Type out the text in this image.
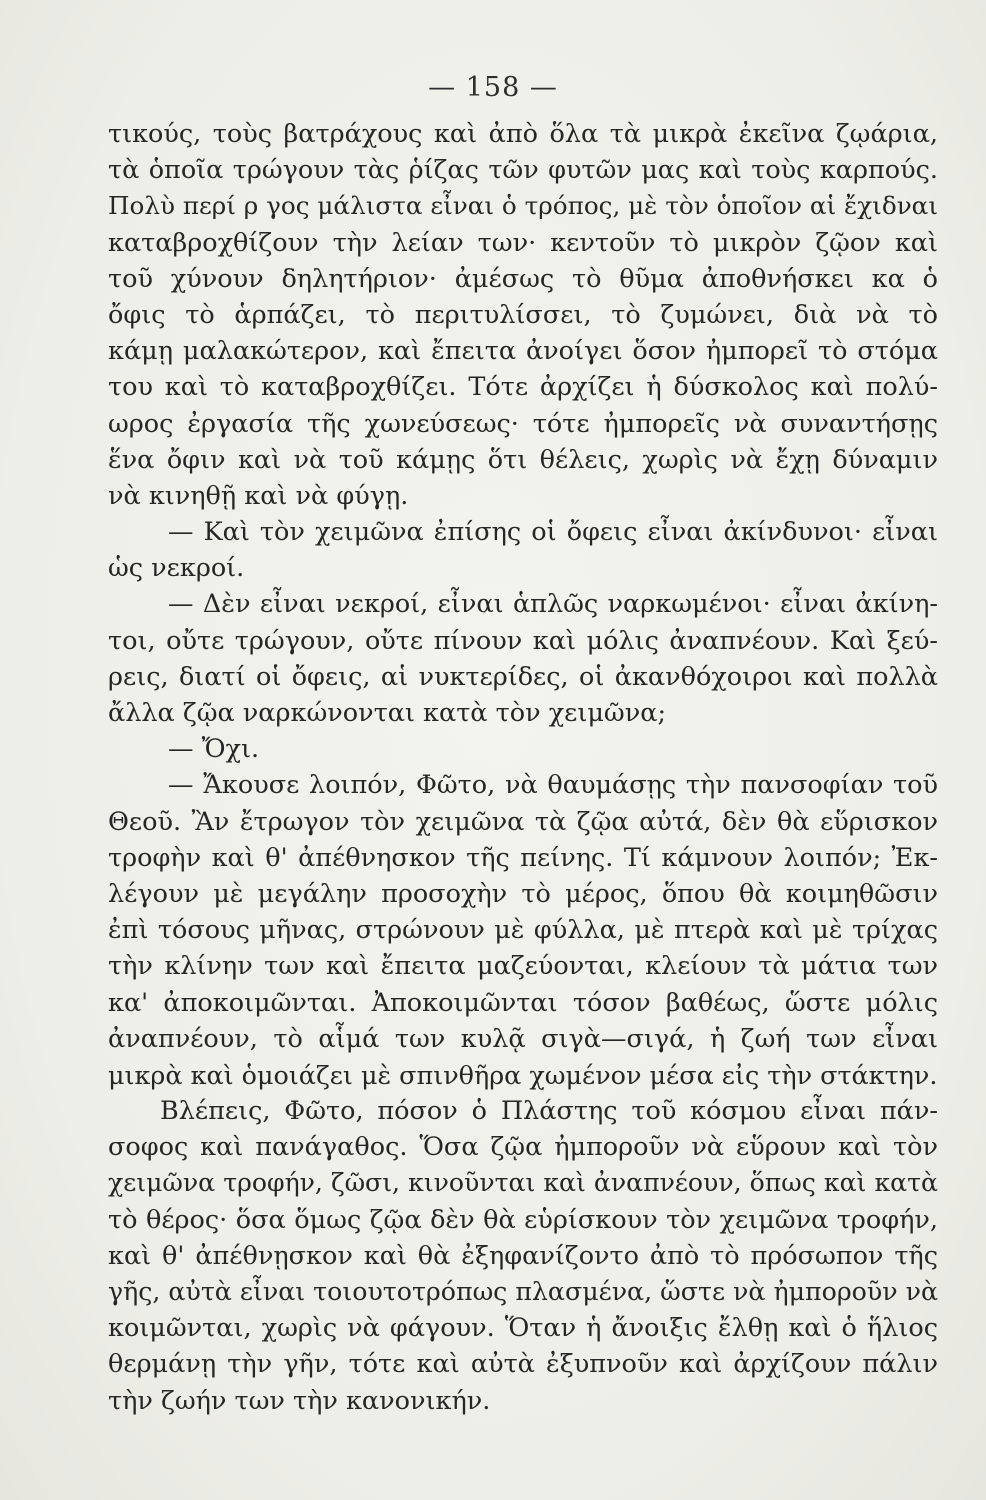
— 158 —
τικούς, τοὺς βατράχους καὶ ἀπὸ ὅλα τὰ μικρὰ ἐκεῖνα ζῳάρια,
τὰ ὁποῖα τρώγουν τὰς ῥίζας τῶν φυτῶν μας καὶ τοὺς καρπούς.
Πολὺ περί ρ γος μάλιστα εἶναι ὁ τρόπος, μὲ τὸν ὁποῖον αἱ ἔχιδναι
καταβροχθίζουν τὴν λείαν των· κεντοῦν τὸ μικρὸν ζῷον καὶ
τοῦ χύνουν δηλητήριον· ἀμέσως τὸ θῦμα ἀποθνήσκει κα ὁ
ὄφις τὸ ἁρπάζει, τὸ περιτυλίσσει, τὸ ζυμώνει, διὰ νὰ τὸ
κάμῃ μαλακώτερον, καὶ ἔπειτα ἀνοίγει ὅσον ἠμπορεῖ τὸ στόμα
του καὶ τὸ καταβροχθίζει. Τότε ἀρχίζει ἡ δύσκολος καὶ πολύ-
ωρος ἐργασία τῆς χωνεύσεως· τότε ἠμπορεῖς νὰ συναντήσῃς
ἕνα ὄφιν καὶ νὰ τοῦ κάμῃς ὅτι θέλεις, χωρὶς νὰ ἔχῃ δύναμιν
νὰ κινηθῇ καὶ νὰ φύγῃ.
— Καὶ τὸν χειμῶνα ἐπίσης οἱ ὄφεις εἶναι ἀκίνδυνοι· εἶναι
ὡς νεκροί.
— Δὲν εἶναι νεκροί, εἶναι ἁπλῶς ναρκωμένοι· εἶναι ἀκίνη-
τοι, οὔτε τρώγουν, οὔτε πίνουν καὶ μόλις ἀναπνέουν. Καὶ ξεύ-
ρεις, διατί οἱ ὄφεις, αἱ νυκτερίδες, οἱ ἀκανθόχοιροι καὶ πολλὰ
ἄλλα ζῷα ναρκώνονται κατὰ τὸν χειμῶνα;
— Ὄχι.
— Ἄκουσε λοιπόν, Φῶτο, νὰ θαυμάσῃς τὴν πανσοφίαν τοῦ
Θεοῦ. Ἂν ἔτρωγον τὸν χειμῶνα τὰ ζῷα αὐτά, δὲν θὰ εὕρισκον
τροφὴν καὶ θ' ἀπέθνησκον τῆς πείνης. Τί κάμνουν λοιπόν; Ἐκ-
λέγουν μὲ μεγάλην προσοχὴν τὸ μέρος, ὅπου θὰ κοιμηθῶσιν
ἐπὶ τόσους μῆνας, στρώνουν μὲ φύλλα, μὲ πτερὰ καὶ μὲ τρίχας
τὴν κλίνην των καὶ ἔπειτα μαζεύονται, κλείουν τὰ μάτια των
κα' ἀποκοιμῶνται. Ἀποκοιμῶνται τόσον βαθέως, ὥστε μόλις
ἀναπνέουν, τὸ αἷμά των κυλᾷ σιγὰ—σιγά, ἡ ζωή των εἶναι
μικρὰ καὶ ὁμοιάζει μὲ σπινθῆρα χωμένον μέσα εἰς τὴν στάκτην.
Βλέπεις, Φῶτο, πόσον ὁ Πλάστης τοῦ κόσμου εἶναι πάν-
σοφος καὶ πανάγαθος. Ὅσα ζῷα ἠμποροῦν νὰ εὕρουν καὶ τὸν
χειμῶνα τροφήν, ζῶσι, κινοῦνται καὶ ἀναπνέουν, ὅπως καὶ κατὰ
τὸ θέρος· ὅσα ὅμως ζῷα δὲν θὰ εὑρίσκουν τὸν χειμῶνα τροφήν,
καὶ θ' ἀπέθνῃσκον καὶ θὰ ἐξηφανίζοντο ἀπὸ τὸ πρόσωπον τῆς
γῆς, αὐτὰ εἶναι τοιουτοτρόπως πλασμένα, ὥστε νὰ ἠμποροῦν νὰ
κοιμῶνται, χωρὶς νὰ φάγουν. Ὅταν ἡ ἄνοιξις ἔλθῃ καὶ ὁ ἥλιος
θερμάνῃ τὴν γῆν, τότε καὶ αὐτὰ ἐξυπνοῦν καὶ ἀρχίζουν πάλιν
τὴν ζωήν των τὴν κανονικήν.
